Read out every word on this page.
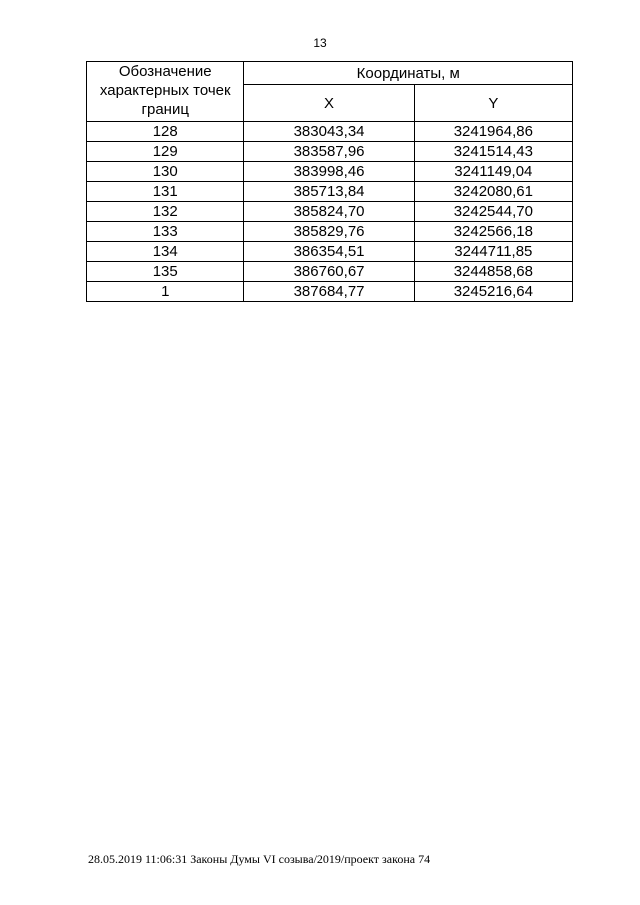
13
Обозначение характерных точек границ	Координаты, м	
	X	Y
128	383043,34	3241964,86
129	383587,96	3241514,43
130	383998,46	3241149,04
131	385713,84	3242080,61
132	385824,70	3242544,70
133	385829,76	3242566,18
134	386354,51	3244711,85
135	386760,67	3244858,68
1	387684,77	3245216,64
28.05.2019 11:06:31 Законы Думы VI созыва/2019/проект закона 74
